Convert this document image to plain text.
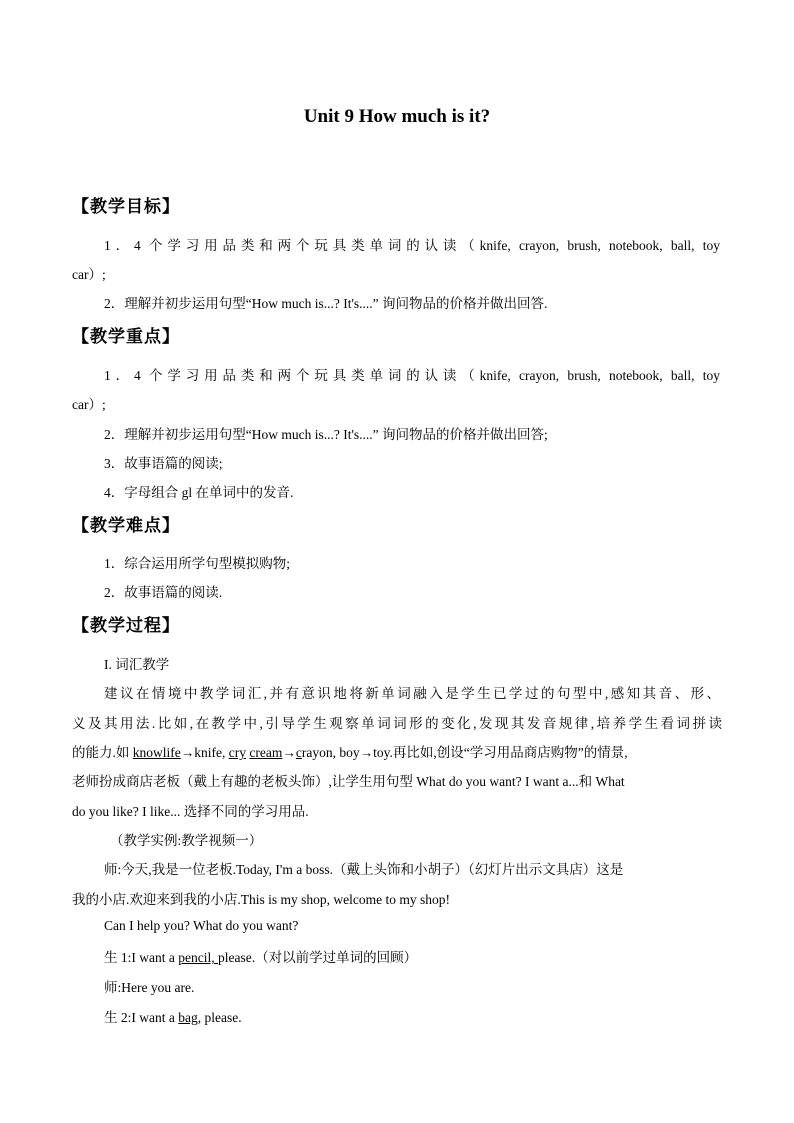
Unit 9 How much is it?
【教学目标】
1．4 个学习用品类和两个玩具类单词的认读（knife, crayon, brush, notebook, ball, toy
car）;
2．理解并初步运用句型“How much is...? It's....” 询问物品的价格并做出回答.
【教学重点】
1．4 个学习用品类和两个玩具类单词的认读（knife, crayon, brush, notebook, ball, toy
car）;
2．理解并初步运用句型“How much is...? It's....” 询问物品的价格并做出回答;
3．故事语篇的阅读;
4．字母组合 gl 在单词中的发音.
【教学难点】
1．综合运用所学句型模拟购物;
2．故事语篇的阅读.
【教学过程】
I. 词汇教学
建议在情境中教学词汇,并有意识地将新单词融入是学生已学过的句型中,感知其音、形、
义及其用法.比如,在教学中,引导学生观察单词词形的变化,发现其发音规律,培养学生看词拼读
的能力.如 knowlife→knife, cry cream→crayon, boy→toy.再比如,创设“学习用品商店购物”的情景,
老师扮成商店老板（戴上有趣的老板头饰）,让学生用句型 What do you want? I want a...和 What
do you like? I like... 选择不同的学习用品.
（教学实例:教学视频一）
师:今天,我是一位老板.Today, I'm a boss.（戴上头饰和小胡子）（幻灯片出示文具店）这是
我的小店.欢迎来到我的小店.This is my shop, welcome to my shop!
Can I help you? What do you want?
生 1:I want a pencil, please.（对以前学过单词的回顾）
师:Here you are.
生 2:I want a bag, please.
